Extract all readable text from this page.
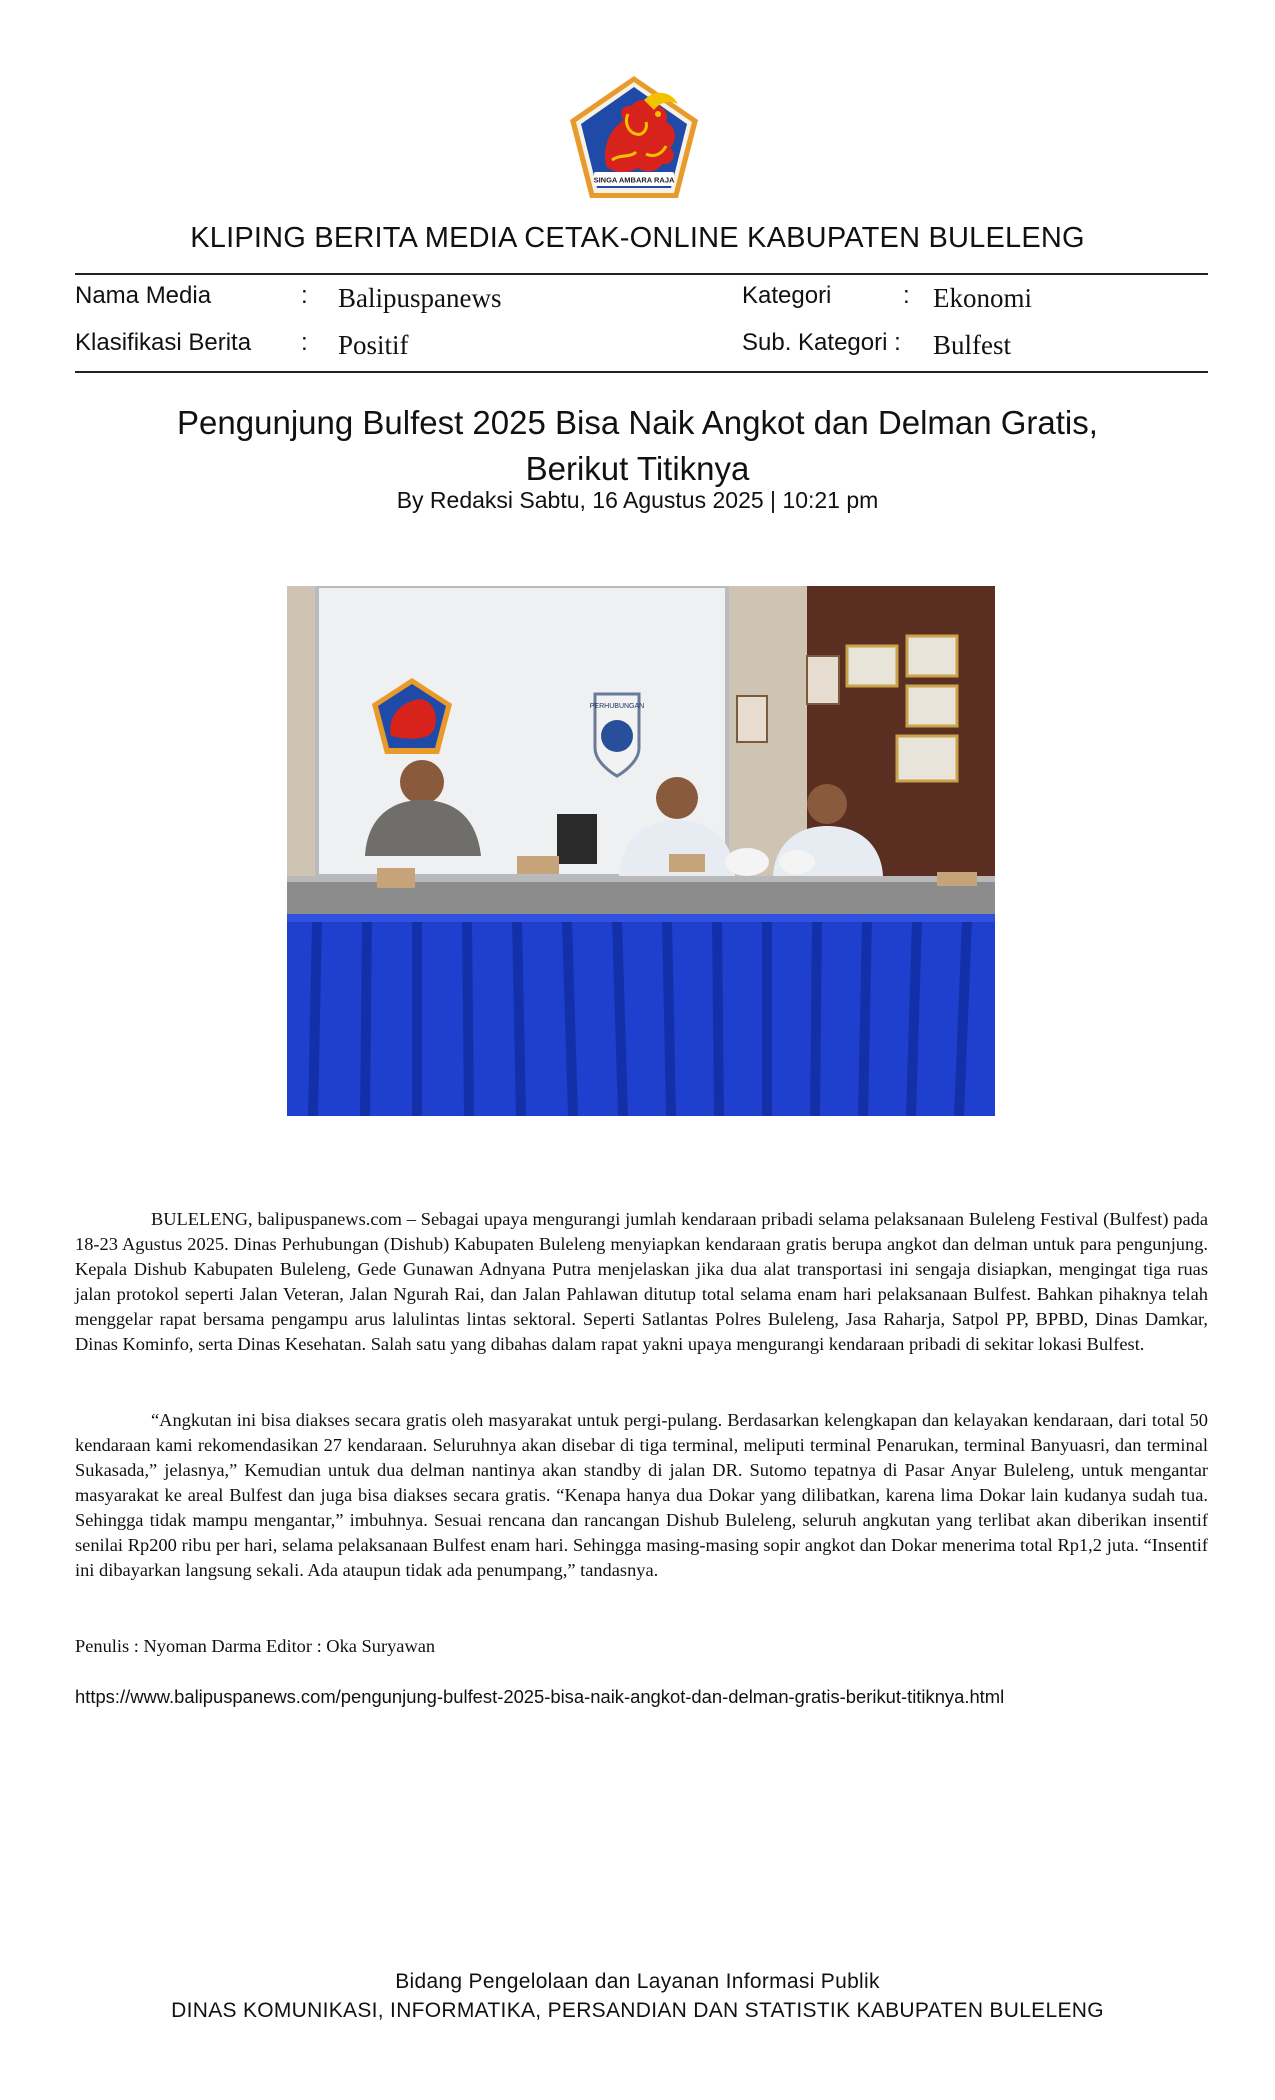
SINGA AMBARA RAJA
KLIPING BERITA MEDIA CETAK-ONLINE KABUPATEN BULELENG
Nama Media	: Balipuspanews	Kategori	: Ekonomi
Klasifikasi Berita : Positif	Sub. Kategori : Bulfest
Pengunjung Bulfest 2025 Bisa Naik Angkot dan Delman Gratis,
Berikut Titiknya
By Redaksi Sabtu, 16 Agustus 2025 | 10:21 pm
PERHUBUNGAN
BULELENG, balipuspanews.com – Sebagai upaya mengurangi jumlah kendaraan pribadi selama pelaksanaan Buleleng Festival (Bulfest) pada 18-23 Agustus 2025. Dinas Perhubungan (Dishub) Kabupaten Buleleng menyiapkan kendaraan gratis berupa angkot dan delman untuk para pengunjung. Kepala Dishub Kabupaten Buleleng, Gede Gunawan Adnyana Putra menjelaskan jika dua alat transportasi ini sengaja disiapkan, mengingat tiga ruas jalan protokol seperti Jalan Veteran, Jalan Ngurah Rai, dan Jalan Pahlawan ditutup total selama enam hari pelaksanaan Bulfest. Bahkan pihaknya telah menggelar rapat bersama pengampu arus lalulintas lintas sektoral. Seperti Satlantas Polres Buleleng, Jasa Raharja, Satpol PP, BPBD, Dinas Damkar, Dinas Kominfo, serta Dinas Kesehatan. Salah satu yang dibahas dalam rapat yakni upaya mengurangi kendaraan pribadi di sekitar lokasi Bulfest.
“Angkutan ini bisa diakses secara gratis oleh masyarakat untuk pergi-pulang. Berdasarkan kelengkapan dan kelayakan kendaraan, dari total 50 kendaraan kami rekomendasikan 27 kendaraan. Seluruhnya akan disebar di tiga terminal, meliputi terminal Penarukan, terminal Banyuasri, dan terminal Sukasada,” jelasnya,” Kemudian untuk dua delman nantinya akan standby di jalan DR. Sutomo tepatnya di Pasar Anyar Buleleng, untuk mengantar masyarakat ke areal Bulfest dan juga bisa diakses secara gratis. “Kenapa hanya dua Dokar yang dilibatkan, karena lima Dokar lain kudanya sudah tua. Sehingga tidak mampu mengantar,” imbuhnya. Sesuai rencana dan rancangan Dishub Buleleng, seluruh angkutan yang terlibat akan diberikan insentif senilai Rp200 ribu per hari, selama pelaksanaan Bulfest enam hari. Sehingga masing-masing sopir angkot dan Dokar menerima total Rp1,2 juta. “Insentif ini dibayarkan langsung sekali. Ada ataupun tidak ada penumpang,” tandasnya.
Penulis : Nyoman Darma Editor : Oka Suryawan
https://www.balipuspanews.com/pengunjung-bulfest-2025-bisa-naik-angkot-dan-delman-gratis-berikut-titiknya.html
Bidang Pengelolaan dan Layanan Informasi Publik
DINAS KOMUNIKASI, INFORMATIKA, PERSANDIAN DAN STATISTIK KABUPATEN BULELENG
